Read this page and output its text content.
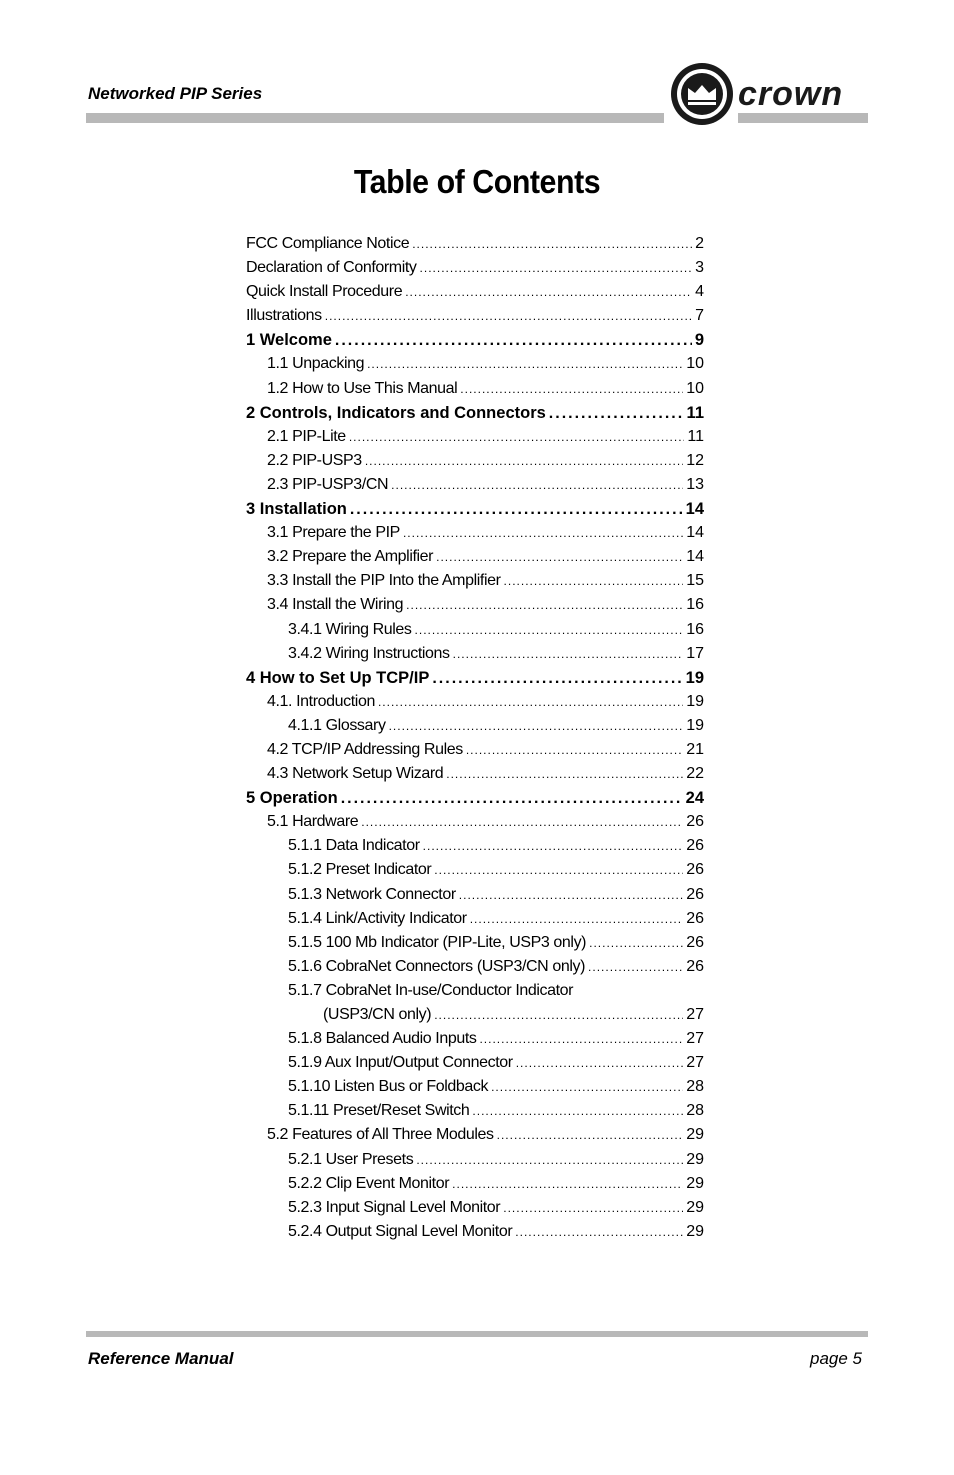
Networked PIP Series	crown
Table of Contents
FCC Compliance Notice .....	2
Declaration of Conformity .....	3
Quick Install Procedure .....	4
Illustrations .....	7
1 Welcome .....	9
1.1 Unpacking .....	10
1.2 How to Use This Manual .....	10
2 Controls, Indicators and Connectors .....	11
2.1 PIP-Lite .....	11
2.2 PIP-USP3 .....	12
2.3 PIP-USP3/CN .....	13
3 Installation .....	14
3.1 Prepare the PIP .....	14
3.2 Prepare the Amplifier .....	14
3.3 Install the PIP Into the Amplifier .....	15
3.4 Install the Wiring .....	16
3.4.1 Wiring Rules .....	16
3.4.2 Wiring Instructions .....	17
4 How to Set Up TCP/IP .....	19
4.1. Introduction .....	19
4.1.1 Glossary .....	19
4.2 TCP/IP Addressing Rules .....	21
4.3 Network Setup Wizard .....	22
5 Operation .....	24
5.1 Hardware .....	26
5.1.1 Data Indicator .....	26
5.1.2 Preset Indicator .....	26
5.1.3 Network Connector .....	26
5.1.4 Link/Activity Indicator .....	26
5.1.5 100 Mb Indicator (PIP-Lite, USP3 only) .....	26
5.1.6 CobraNet Connectors (USP3/CN only) .....	26
5.1.7 CobraNet In-use/Conductor Indicator
(USP3/CN only) .....	27
5.1.8 Balanced Audio Inputs .....	27
5.1.9 Aux Input/Output Connector .....	27
5.1.10 Listen Bus or Foldback .....	28
5.1.11 Preset/Reset Switch .....	28
5.2 Features of All Three Modules .....	29
5.2.1 User Presets .....	29
5.2.2 Clip Event Monitor .....	29
5.2.3 Input Signal Level Monitor .....	29
5.2.4 Output Signal Level Monitor .....	29
Reference Manual	page 5
